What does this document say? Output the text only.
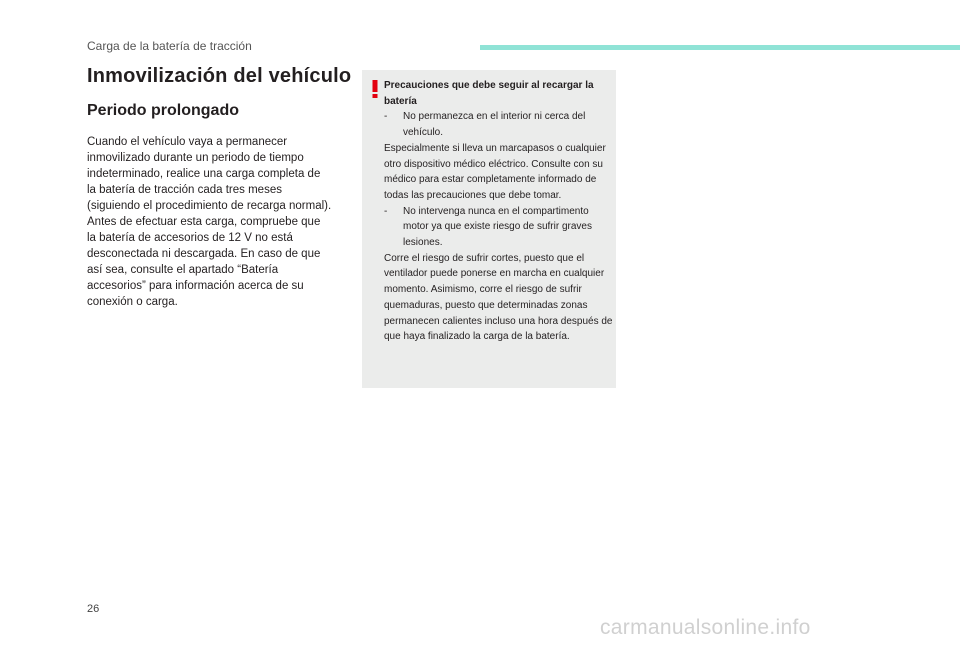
Carga de la batería de tracción
Inmovilización del vehículo
Periodo prolongado

Cuando el vehículo vaya a permanecer inmovilizado durante un periodo de tiempo indeterminado, realice una carga completa de la batería de tracción cada tres meses (siguiendo el procedimiento de recarga normal). Antes de efectuar esta carga, compruebe que la batería de accesorios de 12 V no está desconectada ni descargada. En caso de que así sea, consulte el apartado “Batería accesorios” para información acerca de su conexión o carga.

Precauciones que debe seguir al recargar la batería

- No permanezca en el interior ni cerca del vehículo.

Especialmente si lleva un marcapasos o cualquier otro dispositivo médico eléctrico. Consulte con su médico para estar completamente informado de todas las precauciones que debe tomar.

- No intervenga nunca en el compartimento motor ya que existe riesgo de sufrir graves lesiones.

Corre el riesgo de sufrir cortes, puesto que el ventilador puede ponerse en marcha en cualquier momento. Asimismo, corre el riesgo de sufrir quemaduras, puesto que determinadas zonas permanecen calientes incluso una hora después de que haya finalizado la carga de la batería.

26
carmanualsonline.info
